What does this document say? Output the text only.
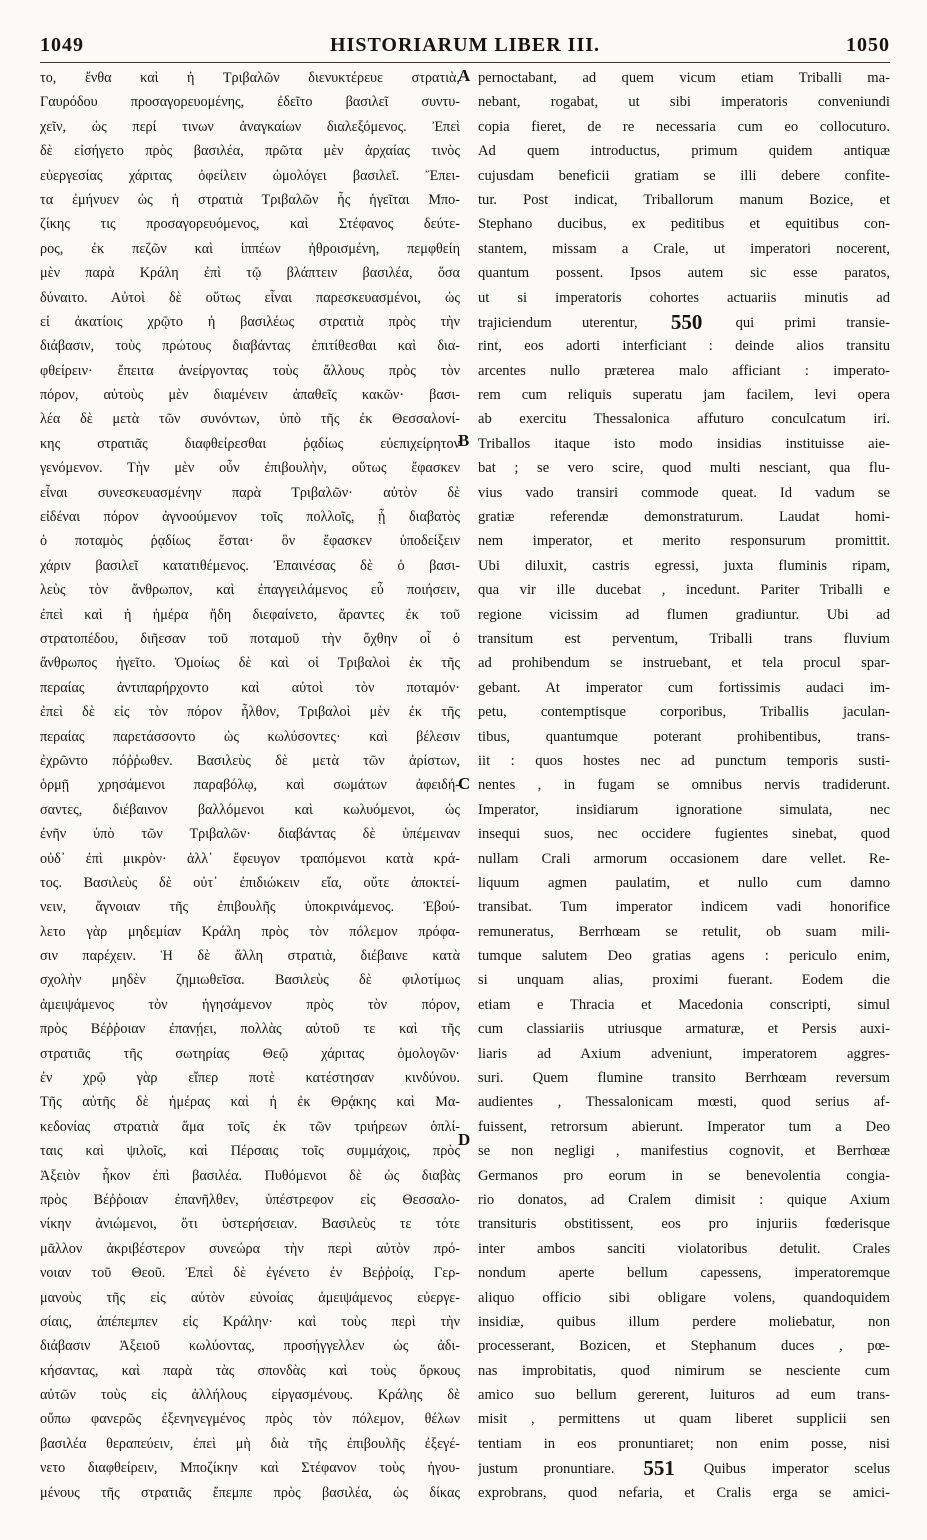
1049	HISTORIARUM LIBER III.	1050
το, ἔνθα καὶ ἡ Τριβαλῶν διενυκτέρευε στρατιὰ,
Γαυρόδου προσαγορευομένης, ἐδεῖτο βασιλεῖ συντυ-
χεῖν, ὡς περί τινων ἀναγκαίων διαλεξόμενος. Ἐπεὶ
δὲ εἰσήγετο πρὸς βασιλέα, πρῶτα μὲν ἀρχαίας τινὸς
εὐεργεσίας χάριτας ὀφείλειν ὡμολόγει βασιλεῖ. Ἔπει-
τα ἐμήνυεν ὡς ἡ στρατιὰ Τριβαλῶν ἧς ἡγεῖται Μπο-
ζίκης τις προσαγορευόμενος, καὶ Στέφανος δεύτε-
ρος, ἐκ πεζῶν καὶ ἱππέων ἠθροισμένη, πεμφθείη
μὲν παρὰ Κράλη ἐπὶ τῷ βλάπτειν βασιλέα, ὅσα
δύναιτο. Αὐτοὶ δὲ οὕτως εἶναι παρεσκευασμένοι, ὡς
εἰ ἀκατίοις χρῷτο ἡ βασιλέως στρατιὰ πρὸς τὴν
διάβασιν, τοὺς πρώτους διαβάντας ἐπιτίθεσθαι καὶ δια-
φθείρειν· ἔπειτα ἀνείργοντας τοὺς ἄλλους πρὸς τὸν
πόρον, αὐτοὺς μὲν διαμένειν ἀπαθεῖς κακῶν· βασι-
λέα δὲ μετὰ τῶν συνόντων, ὑπὸ τῆς ἐκ Θεσσαλονί-
κης στρατιᾶς διαφθείρεσθαι ῥᾳδίως εὐεπιχείρητον
γενόμενον. Τὴν μὲν οὖν ἐπιβουλὴν, οὕτως ἔφασκεν
εἶναι συνεσκευασμένην παρὰ Τριβαλῶν· αὐτὸν δὲ
εἰδέναι πόρον ἀγνοούμενον τοῖς πολλοῖς, ᾗ διαβατὸς
ὁ ποταμὸς ῥᾳδίως ἔσται· ὃν ἔφασκεν ὑποδείξειν
χάριν βασιλεῖ κατατιθέμενος. Ἐπαινέσας δὲ ὁ βασι-
λεὺς τὸν ἄνθρωπον, καὶ ἐπαγγειλάμενος εὖ ποιήσειν,
ἐπεὶ καὶ ἡ ἡμέρα ἤδη διεφαίνετο, ἄραντες ἐκ τοῦ
στρατοπέδου, διῆεσαν τοῦ ποταμοῦ τὴν ὄχθην οἷ ὁ
ἄνθρωπος ἡγεῖτο. Ὁμοίως δὲ καὶ οἱ Τριβαλοὶ ἐκ τῆς
περαίας ἀντιπαρήρχοντο καὶ αὐτοὶ τὸν ποταμόν·
ἐπεὶ δὲ εἰς τὸν πόρον ἦλθον, Τριβαλοὶ μὲν ἐκ τῆς
περαίας παρετάσσοντο ὡς κωλύσοντες· καὶ βέλεσιν
ἐχρῶντο πόῤῥωθεν. Βασιλεὺς δὲ μετὰ τῶν ἀρίστων,
ὁρμῇ χρησάμενοι παραβόλῳ, καὶ σωμάτων ἀφειδή-
σαντες, διέβαινον βαλλόμενοι καὶ κωλυόμενοι, ὡς
ἐνῆν ὑπὸ τῶν Τριβαλῶν· διαβάντας δὲ ὑπέμειναν
οὐδ᾽ ἐπὶ μικρὸν· ἀλλ᾽ ἔφευγον τραπόμενοι κατὰ κρά-
τος. Βασιλεὺς δὲ οὐτ᾽ ἐπιδιώκειν εἴα, οὔτε ἀποκτεί-
νειν, ἄγνοιαν τῆς ἐπιβουλῆς ὑποκρινάμενος. Ἐβού-
λετο γὰρ μηδεμίαν Κράλη πρὸς τὸν πόλεμον πρόφα-
σιν παρέχειν. Ἡ δὲ ἄλλη στρατιὰ, διέβαινε κατὰ
σχολὴν μηδὲν ζημιωθεῖσα. Βασιλεὺς δὲ φιλοτίμως
ἀμειψάμενος τὸν ἡγησάμενον πρὸς τὸν πόρον,
πρὸς Βέῤῥοιαν ἐπανῄει, πολλὰς αὐτοῦ τε καὶ τῆς
στρατιᾶς τῆς σωτηρίας Θεῷ χάριτας ὁμολογῶν·
ἐν χρῷ γὰρ εἴπερ ποτὲ κατέστησαν κινδύνου.
Τῆς αὐτῆς δὲ ἡμέρας καὶ ἡ ἐκ Θρᾴκης καὶ Μα-
κεδονίας στρατιὰ ἅμα τοῖς ἐκ τῶν τριήρεων ὁπλί-
ταις καὶ ψιλοῖς, καὶ Πέρσαις τοῖς συμμάχοις, πρὸς
Ἀξειὸν ἧκον ἐπὶ βασιλέα. Πυθόμενοι δὲ ὡς διαβὰς
πρὸς Βέῤῥοιαν ἐπανῆλθεν, ὑπέστρεφον εἰς Θεσσαλο-
νίκην ἀνιώμενοι, ὅτι ὑστερήσειαν. Βασιλεὺς τε τότε
μᾶλλον ἀκριβέστερον συνεώρα τὴν περὶ αὐτὸν πρό-
νοιαν τοῦ Θεοῦ. Ἐπεὶ δὲ ἐγένετο ἐν Βεῤῥοίᾳ, Γερ-
μανοὺς τῆς εἰς αὐτὸν εὐνοίας ἀμειψάμενος εὐεργε-
σίαις, ἀπέπεμπεν εἰς Κράλην· καὶ τοὺς περὶ τὴν
διάβασιν Ἀξειοῦ κωλύοντας, προσήγγελλεν ὡς ἀδι-
κήσαντας, καὶ παρὰ τὰς σπονδὰς καὶ τοὺς ὅρκους
αὐτῶν τοὺς εἰς ἀλλήλους εἰργασμένους. Κράλης δὲ
οὔπω φανερῶς ἐξενηνεγμένος πρὸς τὸν πόλεμον, θέλων
βασιλέα θεραπεύειν, ἐπεὶ μὴ διὰ τῆς ἐπιβουλῆς ἐξεγέ-
νετο διαφθείρειν, Μποζίκην καὶ Στέφανον τοὺς ἡγου-
μένους τῆς στρατιᾶς ἔπεμπε πρὸς βασιλέα, ὡς δίκας
pernoctabant, ad quem vicum etiam Triballi ma-
nebant, rogabat, ut sibi imperatoris conveniundi
copia fieret, de re necessaria cum eo collocuturo.
Ad quem introductus, primum quidem antiquæ
cujusdam beneficii gratiam se illi debere confite-
tur. Post indicat, Triballorum manum Bozice, et
Stephano ducibus, ex peditibus et equitibus con-
stantem, missam a Crale, ut imperatori nocerent,
quantum possent. Ipsos autem sic esse paratos,
ut si imperatoris cohortes actuariis minutis ad
trajiciendum uterentur, 550 qui primi transie-
rint, eos adorti interficiant : deinde alios transitu
arcentes nullo præterea malo afficiant : imperato-
rem cum reliquis superatu jam facilem, levi opera
ab exercitu Thessalonica affuturo conculcatum iri.
Triballos itaque isto modo insidias instituisse aie-
bat ; se vero scire, quod multi nesciant, qua flu-
vius vado transiri commode queat. Id vadum se
gratiæ referendæ demonstraturum. Laudat homi-
nem imperator, et merito responsurum promittit.
Ubi diluxit, castris egressi, juxta fluminis ripam,
qua vir ille ducebat , incedunt. Pariter Triballi e
regione vicissim ad flumen gradiuntur. Ubi ad
transitum est perventum, Triballi trans fluvium
ad prohibendum se instruebant, et tela procul spar-
gebant. At imperator cum fortissimis audaci im-
petu, contemptisque corporibus, Triballis jaculan-
tibus, quantumque poterant prohibentibus, trans-
iit : quos hostes nec ad punctum temporis susti-
nentes , in fugam se omnibus nervis tradiderunt.
Imperator, insidiarum ignoratione simulata, nec
insequi suos, nec occidere fugientes sinebat, quod
nullam Crali armorum occasionem dare vellet. Re-
liquum agmen paulatim, et nullo cum damno
transibat. Tum imperator indicem vadi honorifice
remuneratus, Berrhœam se retulit, ob suam mili-
tumque salutem Deo gratias agens : periculo enim,
si unquam alias, proximi fuerant. Eodem die
etiam e Thracia et Macedonia conscripti, simul
cum classiariis utriusque armaturæ, et Persis auxi-
liaris ad Axium adveniunt, imperatorem aggres-
suri. Quem flumine transito Berrhœam reversum
audientes , Thessalonicam mœsti, quod serius af-
fuissent, retrorsum abierunt. Imperator tum a Deo
se non negligi , manifestius cognovit, et Berrhœæ
Germanos pro eorum in se benevolentia congia-
rio donatos, ad Cralem dimisit : quique Axium
transituris obstitissent, eos pro injuriis fœderisque
inter ambos sanciti violatoribus detulit. Crales
nondum aperte bellum capessens, imperatoremque
aliquo officio sibi obligare volens, quandoquidem
insidiæ, quibus illum perdere moliebatur, non
processerant, Bozicen, et Stephanum duces , pœ-
nas improbitatis, quod nimirum se nesciente cum
amico suo bellum gererent, luituros ad eum trans-
misit , permittens ut quam liberet supplicii sen
tentiam in eos pronuntiaret; non enim posse, nisi
justum pronuntiare. 551 Quibus imperator scelus
exprobrans, quod nefaria, et Cralis erga se amici-
A
B
C
D
